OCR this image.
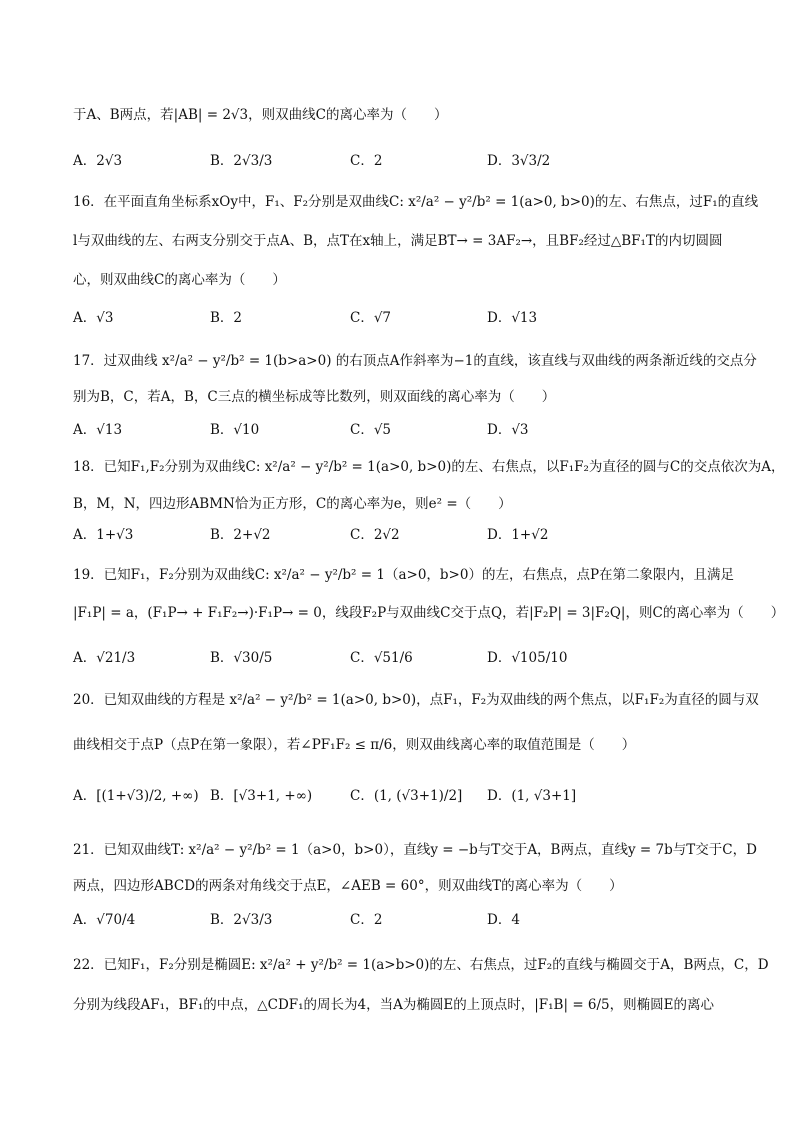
于A、B两点，若|AB| = 2√3，则双曲线C的离心率为（　　）
16．在平面直角坐标系xOy中，F₁、F₂分别是双曲线C: x²/a² − y²/b² = 1(a>0, b>0)的左、右焦点，过F₁的直线
l与双曲线的左、右两支分别交于点A、B，点T在x轴上，满足BT→ = 3AF₂→，且BF₂经过△BF₁T的内切圆圆
心，则双曲线C的离心率为（　　）
17．过双曲线 x²/a² − y²/b² = 1(b>a>0) 的右顶点A作斜率为−1的直线，该直线与双曲线的两条渐近线的交点分
别为B，C，若A，B，C三点的横坐标成等比数列，则双面线的离心率为（　　）
18．已知F₁,F₂分别为双曲线C: x²/a² − y²/b² = 1(a>0, b>0)的左、右焦点，以F₁F₂为直径的圆与C的交点依次为A，
B，M，N，四边形ABMN恰为正方形，C的离心率为e，则e² =（　　）
19．已知F₁，F₂分别为双曲线C: x²/a² − y²/b² = 1（a>0，b>0）的左，右焦点，点P在第二象限内，且满足
|F₁P| = a，(F₁P→ + F₁F₂→)·F₁P→ = 0，线段F₂P与双曲线C交于点Q，若|F₂P| = 3|F₂Q|，则C的离心率为（　　）
20．已知双曲线的方程是 x²/a² − y²/b² = 1(a>0, b>0)，点F₁，F₂为双曲线的两个焦点，以F₁F₂为直径的圆与双
曲线相交于点P（点P在第一象限），若∠PF₁F₂ ≤ π/6，则双曲线离心率的取值范围是（　　）
21．已知双曲线T: x²/a² − y²/b² = 1（a>0，b>0），直线y = −b与T交于A，B两点，直线y = 7b与T交于C，D
两点，四边形ABCD的两条对角线交于点E，∠AEB = 60°，则双曲线T的离心率为（　　）
22．已知F₁，F₂分别是椭圆E: x²/a² + y²/b² = 1(a>b>0)的左、右焦点，过F₂的直线与椭圆交于A，B两点，C，D
分别为线段AF₁，BF₁的中点，△CDF₁的周长为4，当A为椭圆E的上顶点时，|F₁B| = 6/5，则椭圆E的离心
A．2√3	B．2√3/3	C．2	D．3√3/2
A．√3	B．2	C．√7	D．√13
A．√13	B．√10	C．√5	D．√3
A．1+√3	B．2+√2	C．2√2	D．1+√2
A．√21/3	B．√30/5	C．√51/6	D．√105/10
A．[(1+√3)/2, +∞) B．[√3+1, +∞)	C．(1, (√3+1)/2] D．(1, √3+1]
A．√70/4	B．2√3/3	C．2	D．4
